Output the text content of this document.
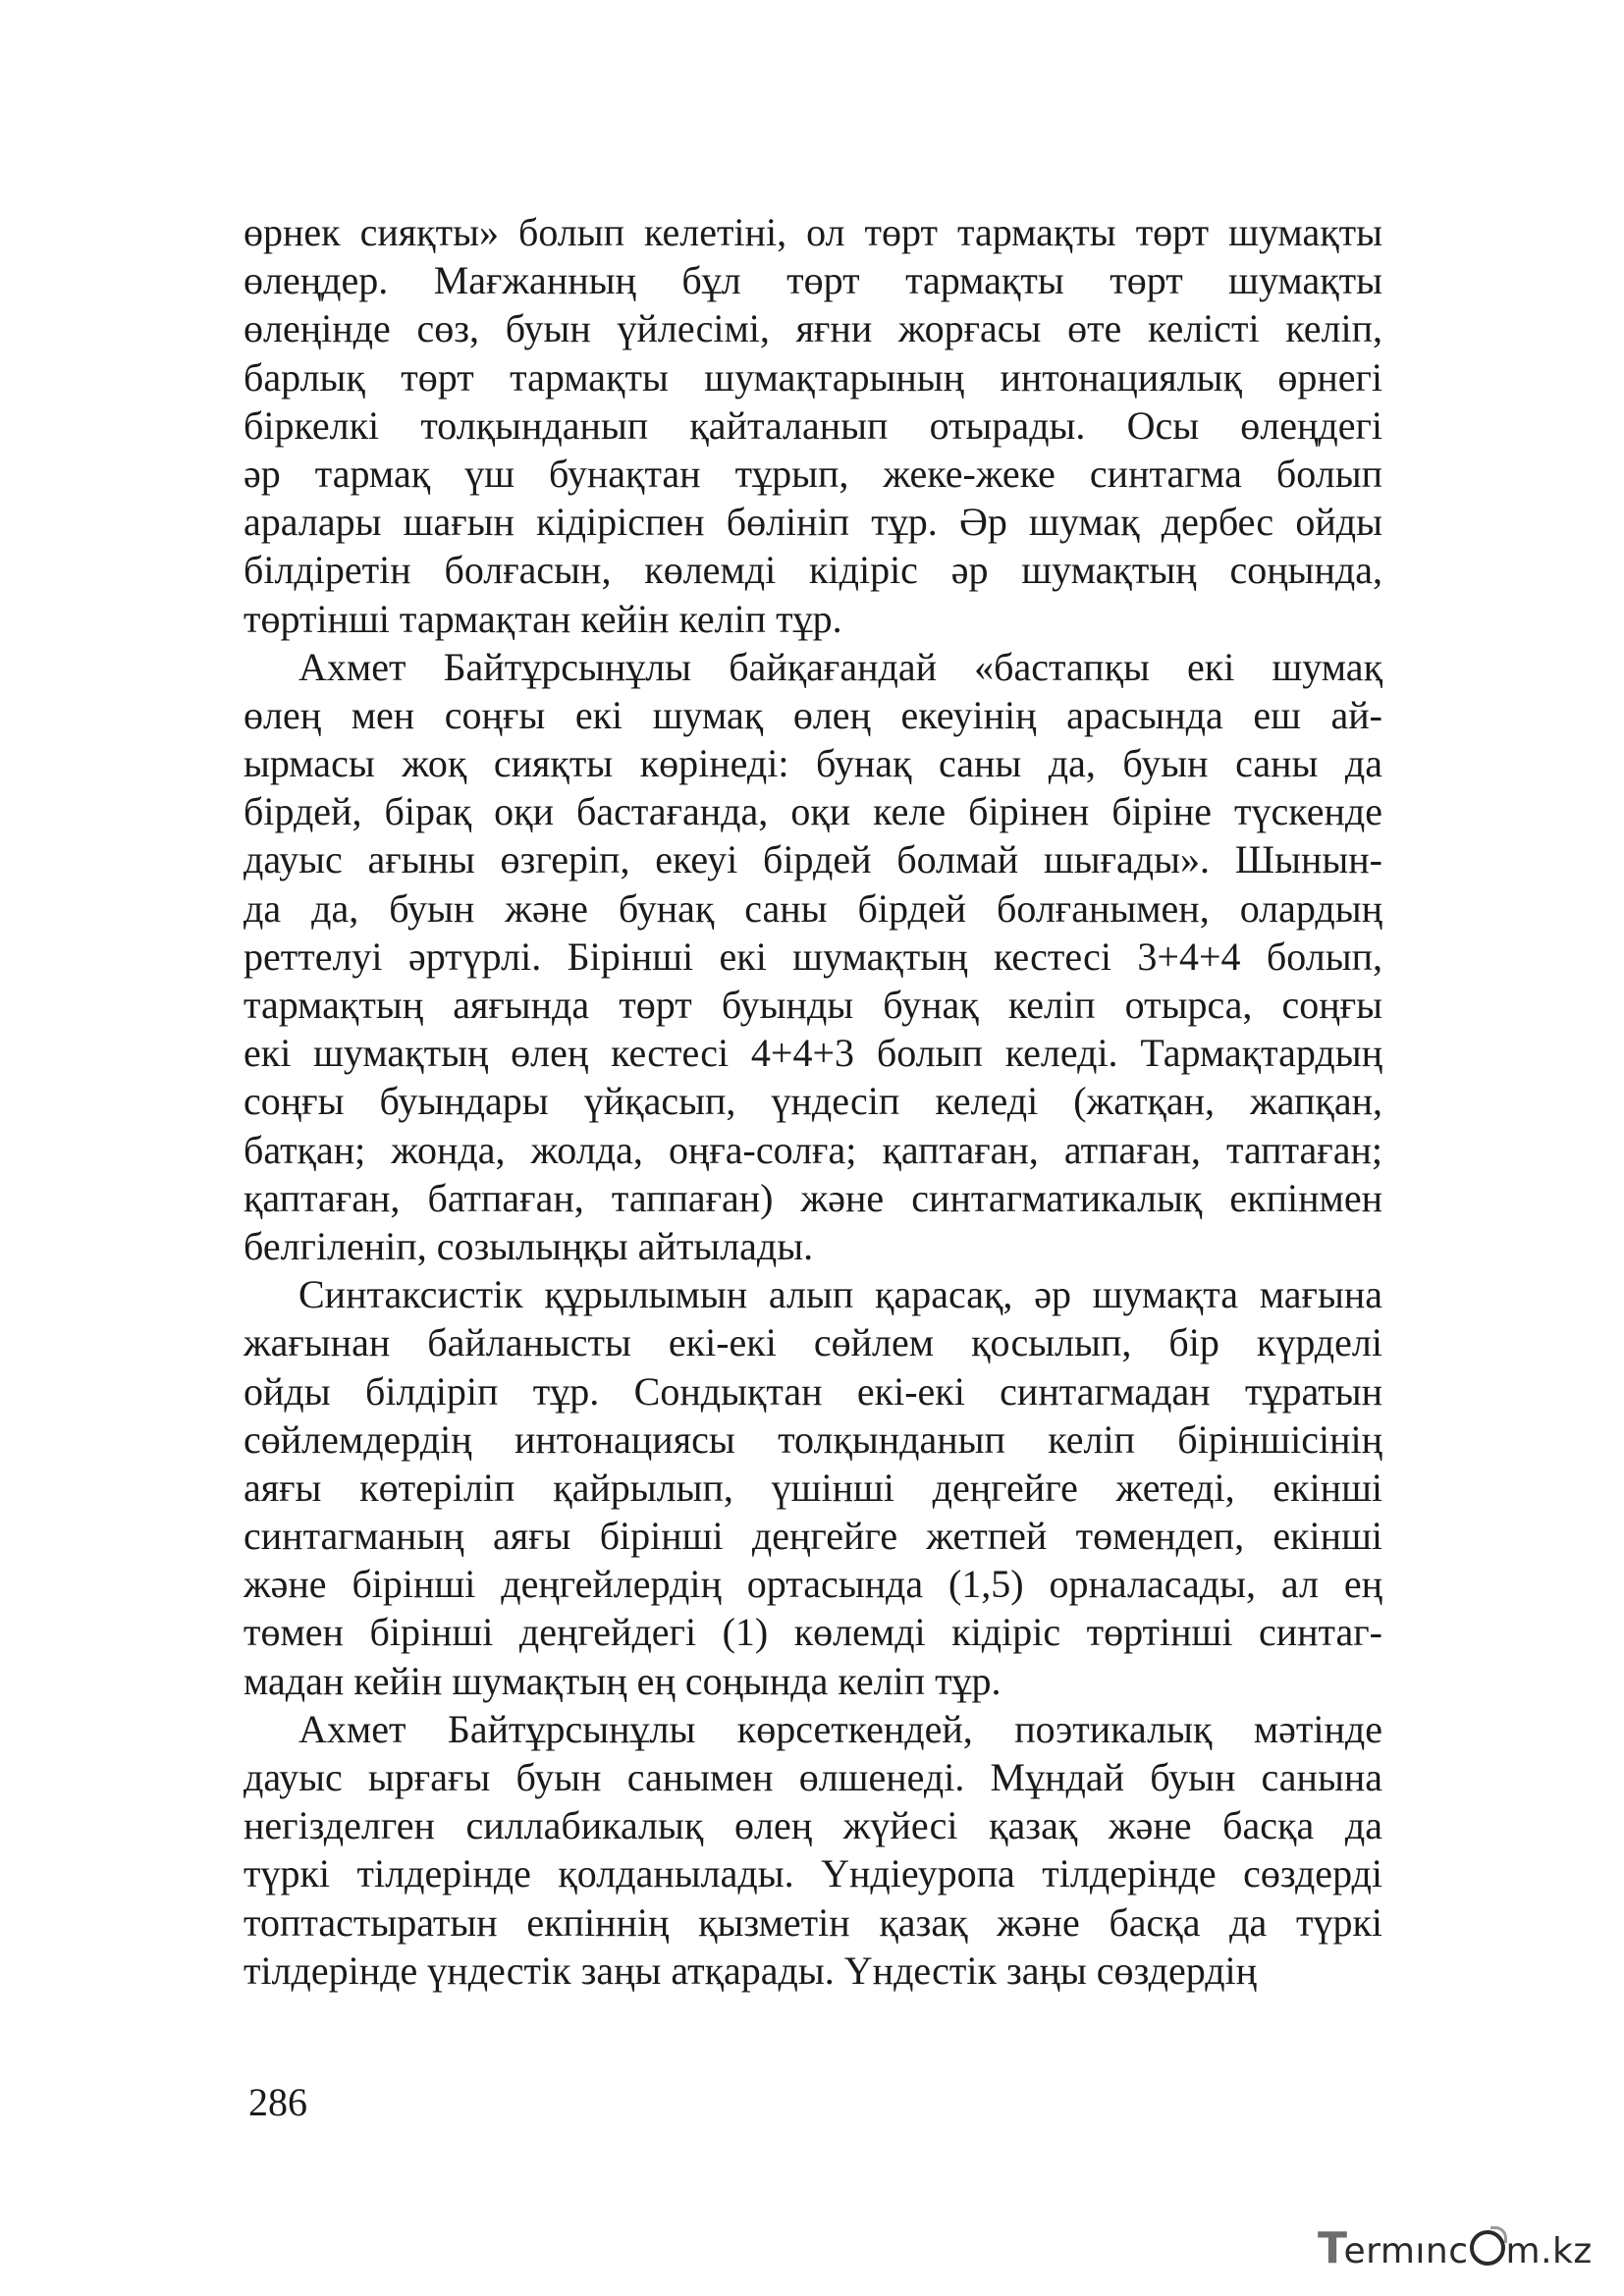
өрнек сияқты» болып келетіні, ол төрт тармақты төрт шумақты
өлеңдер. Мағжанның бұл төрт тармақты төрт шумақты
өлеңінде сөз, буын үйлесімі, яғни жорғасы өте келісті келіп,
барлық төрт тармақты шумақтарының интонациялық өрнегі
біркелкі толқынданып қайталанып отырады. Осы өлеңдегі
әр тармақ үш бунақтан тұрып, жеке-жеке синтагма болып
аралары шағын кідіріспен бөлініп тұр. Әр шумақ дербес ойды
білдіретін болғасын, көлемді кідіріс әр шумақтың соңында,
төртінші тармақтан кейін келіп тұр.
Ахмет Байтұрсынұлы байқағандай «бастапқы екі шумақ
өлең мен соңғы екі шумақ өлең екеуінің арасында еш ай-
ырмасы жоқ сияқты көрінеді: бунақ саны да, буын саны да
бірдей, бірақ оқи бастағанда, оқи келе бірінен біріне түскенде
дауыс ағыны өзгеріп, екеуі бірдей болмай шығады». Шынын-
да да, буын және бунақ саны бірдей болғанымен, олардың
реттелуі әртүрлі. Бірінші екі шумақтың кестесі 3+4+4 болып,
тармақтың аяғында төрт буынды бунақ келіп отырса, соңғы
екі шумақтың өлең кестесі 4+4+3 болып келеді. Тармақтардың
соңғы буындары үйқасып, үндесіп келеді (жатқан, жапқан,
батқан; жонда, жолда, оңға-солға; қаптаған, атпаған, таптаған;
қаптаған, батпаған, таппаған) және синтагматикалық екпінмен
белгіленіп, созылыңқы айтылады.
Синтаксистік құрылымын алып қарасақ, әр шумақта мағына
жағынан байланысты екі-екі сөйлем қосылып, бір күрделі
ойды білдіріп тұр. Сондықтан екі-екі синтагмадан тұратын
сөйлемдердің интонациясы толқынданып келіп біріншісінің
аяғы көтеріліп қайрылып, үшінші деңгейге жетеді, екінші
синтагманың аяғы бірінші деңгейге жетпей төмендеп, екінші
және бірінші деңгейлердің ортасында (1,5) орналасады, ал ең
төмен бірінші деңгейдегі (1) көлемді кідіріс төртінші синтаг-
мадан кейін шумақтың ең соңында келіп тұр.
Ахмет Байтұрсынұлы көрсеткендей, поэтикалық мәтінде
дауыс ырғағы буын санымен өлшенеді. Мұндай буын санына
негізделген силлабикалық өлең жүйесі қазақ және басқа да
түркі тілдерінде қолданылады. Үндіеуропа тілдерінде сөздерді
топтастыратын екпіннің қызметін қазақ және басқа да түркі
тілдерінде үндестік заңы атқарады. Үндестік заңы сөздердің
286
Termınc m.kz
